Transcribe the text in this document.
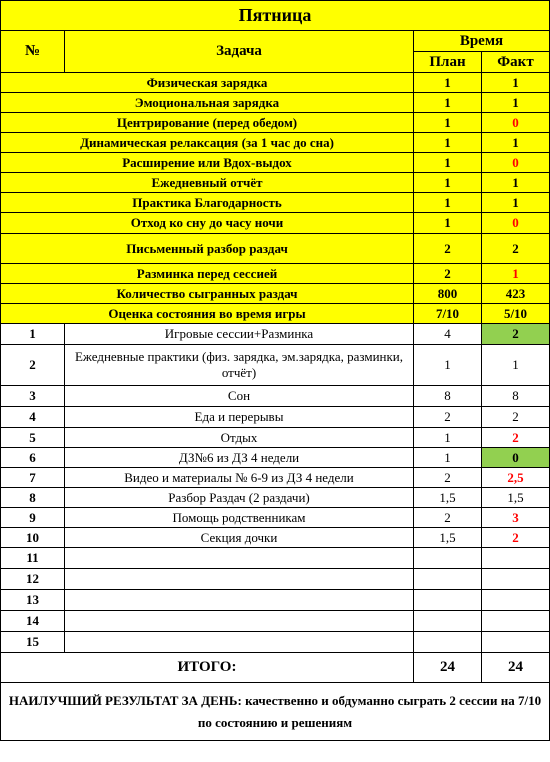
Пятница			
№	Задача	Время	
		План	Факт
Физическая зарядка		1	1
Эмоциональная зарядка		1	1
Центрирование (перед обедом)		1	0
Динамическая релаксация (за 1 час до сна)		1	1
Расширение или Вдох-выдох		1	0
Ежедневный отчёт		1	1
Практика Благодарность		1	1
Отход ко сну до часу ночи		1	0
Письменный разбор раздач		2	2
Разминка перед сессией		2	1
Количество сыгранных раздач		800	423
Оценка состояния во время игры		7/10	5/10
1	Игровые сессии+Разминка	4	2
2	Ежедневные практики (физ. зарядка, эм.зарядка, разминки, отчёт)	1	1
3	Сон	8	8
4	Еда и перерывы	2	2
5	Отдых	1	2
6	ДЗ№6 из ДЗ 4 недели	1	0
7	Видео и материалы № 6-9 из ДЗ 4 недели	2	2,5
8	Разбор Раздач (2 раздачи)	1,5	1,5
9	Помощь родственникам	2	3
10	Секция дочки	1,5	2
11			
12			
13			
14			
15			
ИТОГО:		24	24
НАИЛУЧШИЙ РЕЗУЛЬТАТ ЗА ДЕНЬ: качественно и обдуманно сыграть 2 сессии на 7/10 по состоянию и решениям			
